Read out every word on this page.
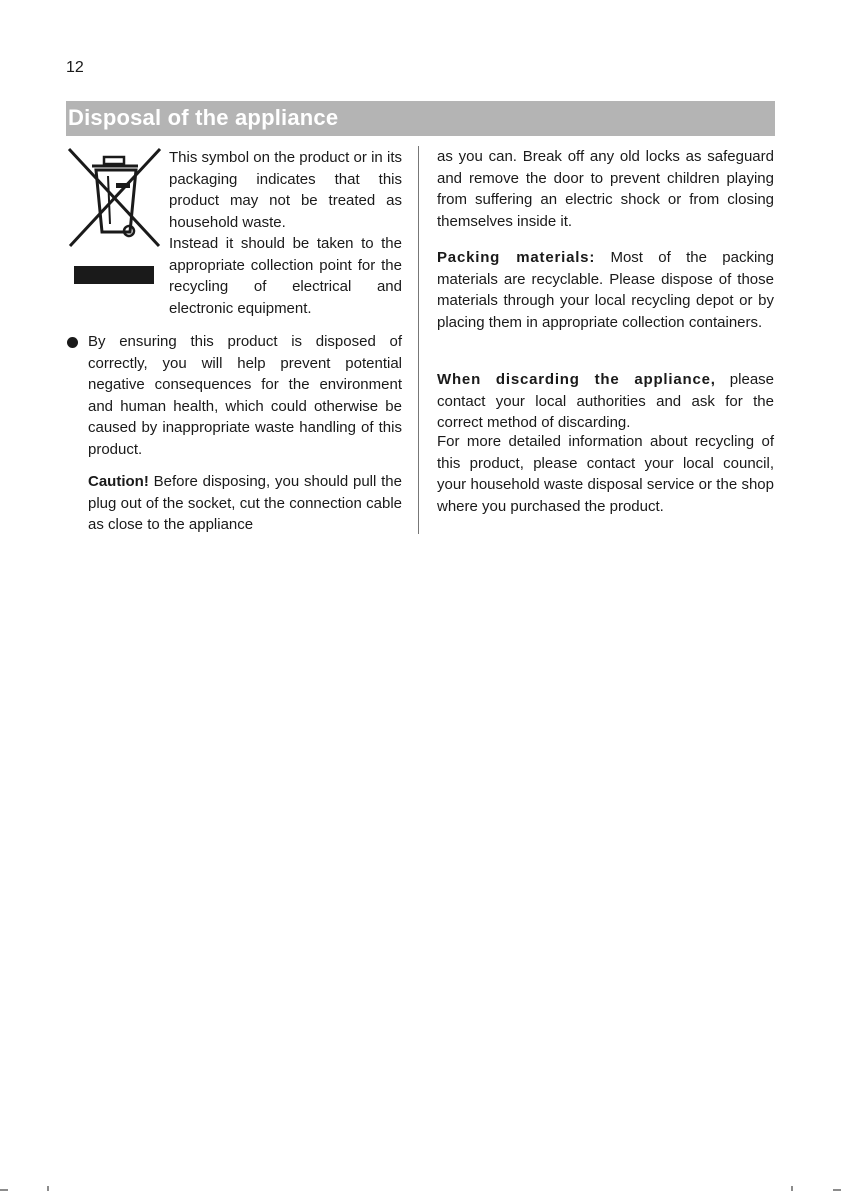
12
Disposal of the appliance

This symbol on the product or in its packaging indicates that this product may not be treated as household waste.

Instead it should be taken to the appropriate collection point for the recycling of electrical and electronic equipment.

By ensuring this product is disposed of correctly, you will help prevent potential negative consequences for the environment and human health, which could otherwise be caused by inappropriate waste handling of this product.

Caution! Before disposing, you should pull the plug out of the socket, cut the connection cable as close to the appliance

as you can. Break off any old locks as safeguard and remove the door to prevent children playing from suffering an electric shock or from closing themselves inside it.

Packing materials: Most of the packing materials are recyclable. Please dispose of those materials through your local recycling depot or by placing them in appropriate collection containers.

When discarding the appliance, please contact your local authorities and ask for the correct method of discarding.

For more detailed information about recycling of this product, please contact your local council, your household waste disposal service or the shop where you purchased the product.
